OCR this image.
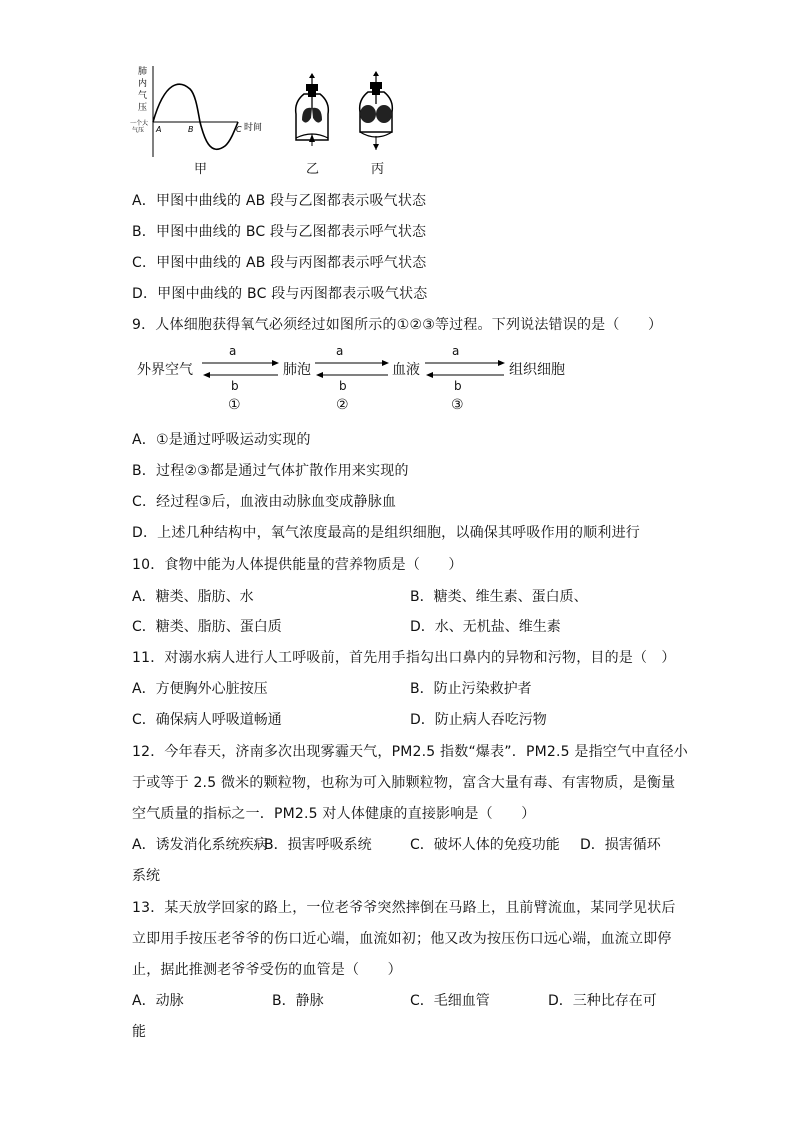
肺
内
气
压
一个大
气压 A	B	C 时间
甲	乙	丙
A．甲图中曲线的 AB 段与乙图都表示吸气状态
B．甲图中曲线的 BC 段与乙图都表示呼气状态
C．甲图中曲线的 AB 段与丙图都表示呼气状态
D．甲图中曲线的 BC 段与丙图都表示吸气状态
9．人体细胞获得氧气必须经过如图所示的①②③等过程。下列说法错误的是（　　）
外界空气	肺泡	血液	组织细胞
a	a	a
b	b	b
①	②	③
A．①是通过呼吸运动实现的
B．过程②③都是通过气体扩散作用来实现的
C．经过程③后，血液由动脉血变成静脉血
D．上述几种结构中，氧气浓度最高的是组织细胞，以确保其呼吸作用的顺利进行
10．食物中能为人体提供能量的营养物质是（　　）
A．糖类、脂肪、水	B．糖类、维生素、蛋白质、
C．糖类、脂肪、蛋白质	D．水、无机盐、维生素
11．对溺水病人进行人工呼吸前，首先用手指勾出口鼻内的异物和污物，目的是（　）
A．方便胸外心脏按压	B．防止污染救护者
C．确保病人呼吸道畅通	D．防止病人吞吃污物
12．今年春天，济南多次出现雾霾天气，PM2.5 指数“爆表”．PM2.5 是指空气中直径小
于或等于 2.5 微米的颗粒物，也称为可入肺颗粒物，富含大量有毒、有害物质，是衡量
空气质量的指标之一．PM2.5 对人体健康的直接影响是（　　）
A．诱发消化系统疾病
B．损害呼吸系统	C．破坏人体的免疫功能 D．损害循环
系统
13．某天放学回家的路上，一位老爷爷突然摔倒在马路上，且前臂流血，某同学见状后
立即用手按压老爷爷的伤口近心端，血流如初；他又改为按压伤口远心端，血流立即停
止，据此推测老爷爷受伤的血管是（　　）
A．动脉	B．静脉	C．毛细血管	D．三种比存在可
能
